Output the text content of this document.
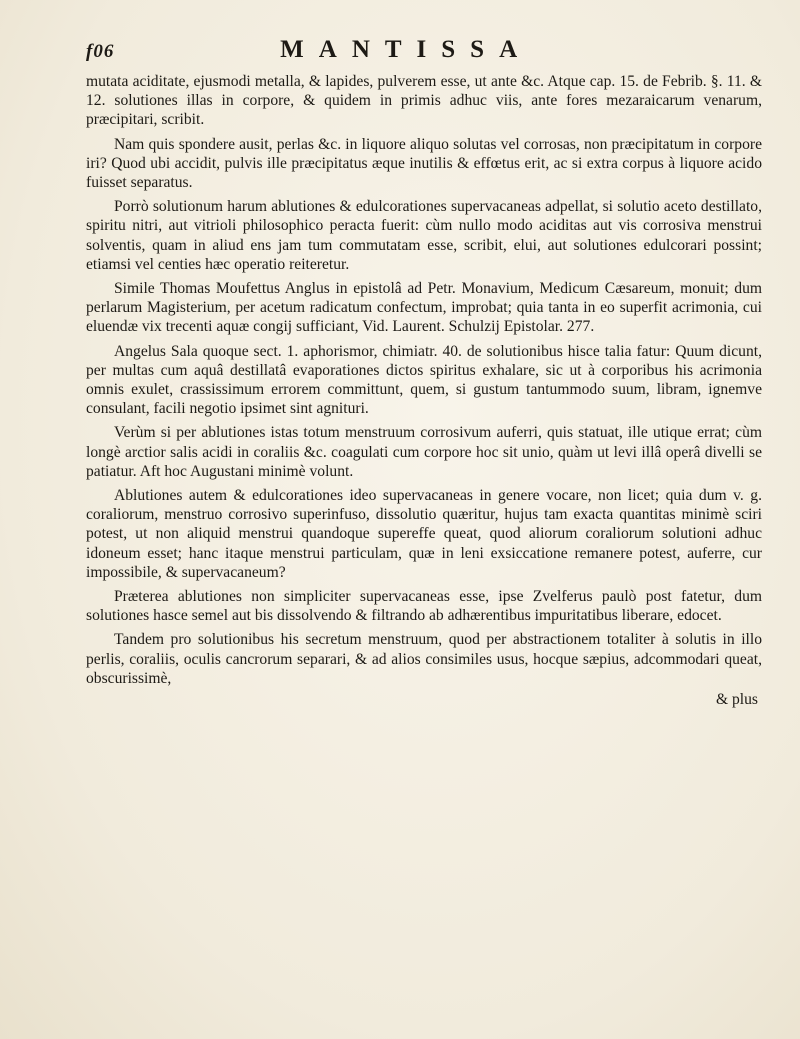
f06	MANTISSA

mutata aciditate, ejusmodi metalla, & lapides, pulverem esse, ut ante &c. Atque cap. 15. de Febrib. §. 11. & 12. solutiones illas in corpore, & quidem in primis adhuc viis, ante fores mezaraicarum venarum, præcipitari, scribit.

Nam quis spondere ausit, perlas &c. in liquore aliquo solutas vel corrosas, non præcipitatum in corpore iri? Quod ubi accidit, pulvis ille præcipitatus æque inutilis & effœtus erit, ac si extra corpus à liquore acido fuisset separatus.

Porrò solutionum harum ablutiones & edulcorationes supervacaneas adpellat, si solutio aceto destillato, spiritu nitri, aut vitrioli philosophico peracta fuerit: cùm nullo modo aciditas aut vis corrosiva menstrui solventis, quam in aliud ens jam tum commutatam esse, scribit, elui, aut solutiones edulcorari possint; etiamsi vel centies hæc operatio reiteretur.

Simile Thomas Moufettus Anglus in epistolâ ad Petr. Monavium, Medicum Cæsareum, monuit; dum perlarum Magisterium, per acetum radicatum confectum, improbat; quia tanta in eo superfit acrimonia, cui eluendæ vix trecenti aquæ congij sufficiant, Vid. Laurent. Schulzij Epistolar. 277.

Angelus Sala quoque sect. 1. aphorismor, chimiatr. 40. de solutionibus hisce talia fatur: Quum dicunt, per multas cum aquâ destillatâ evaporationes dictos spiritus exhalare, sic ut à corporibus his acrimonia omnis exulet, crassissimum errorem committunt, quem, si gustum tantummodo suum, libram, ignemve consulant, facili negotio ipsimet sint agnituri.

Verùm si per ablutiones istas totum menstruum corrosivum auferri, quis statuat, ille utique errat; cùm longè arctior salis acidi in coraliis &c. coagulati cum corpore hoc sit unio, quàm ut levi illâ operâ divelli se patiatur. Aft hoc Augustani minimè volunt.

Ablutiones autem & edulcorationes ideo supervacaneas in genere vocare, non licet; quia dum v. g. coraliorum, menstruo corrosivo superinfuso, dissolutio quæritur, hujus tam exacta quantitas minimè sciri potest, ut non aliquid menstrui quandoque supereffe queat, quod aliorum coraliorum solutioni adhuc idoneum esset; hanc itaque menstrui particulam, quæ in leni exsiccatione remanere potest, auferre, cur impossibile, & supervacaneum?

Præterea ablutiones non simpliciter supervacaneas esse, ipse Zvelferus paulò post fatetur, dum solutiones hasce semel aut bis dissolvendo & filtrando ab adhærentibus impuritatibus liberare, edocet.

Tandem pro solutionibus his secretum menstruum, quod per abstractionem totaliter à solutis in illo perlis, coraliis, oculis cancrorum separari, & ad alios consimiles usus, hocque sæpius, adcommodari queat, obscurissimè,

& plus
